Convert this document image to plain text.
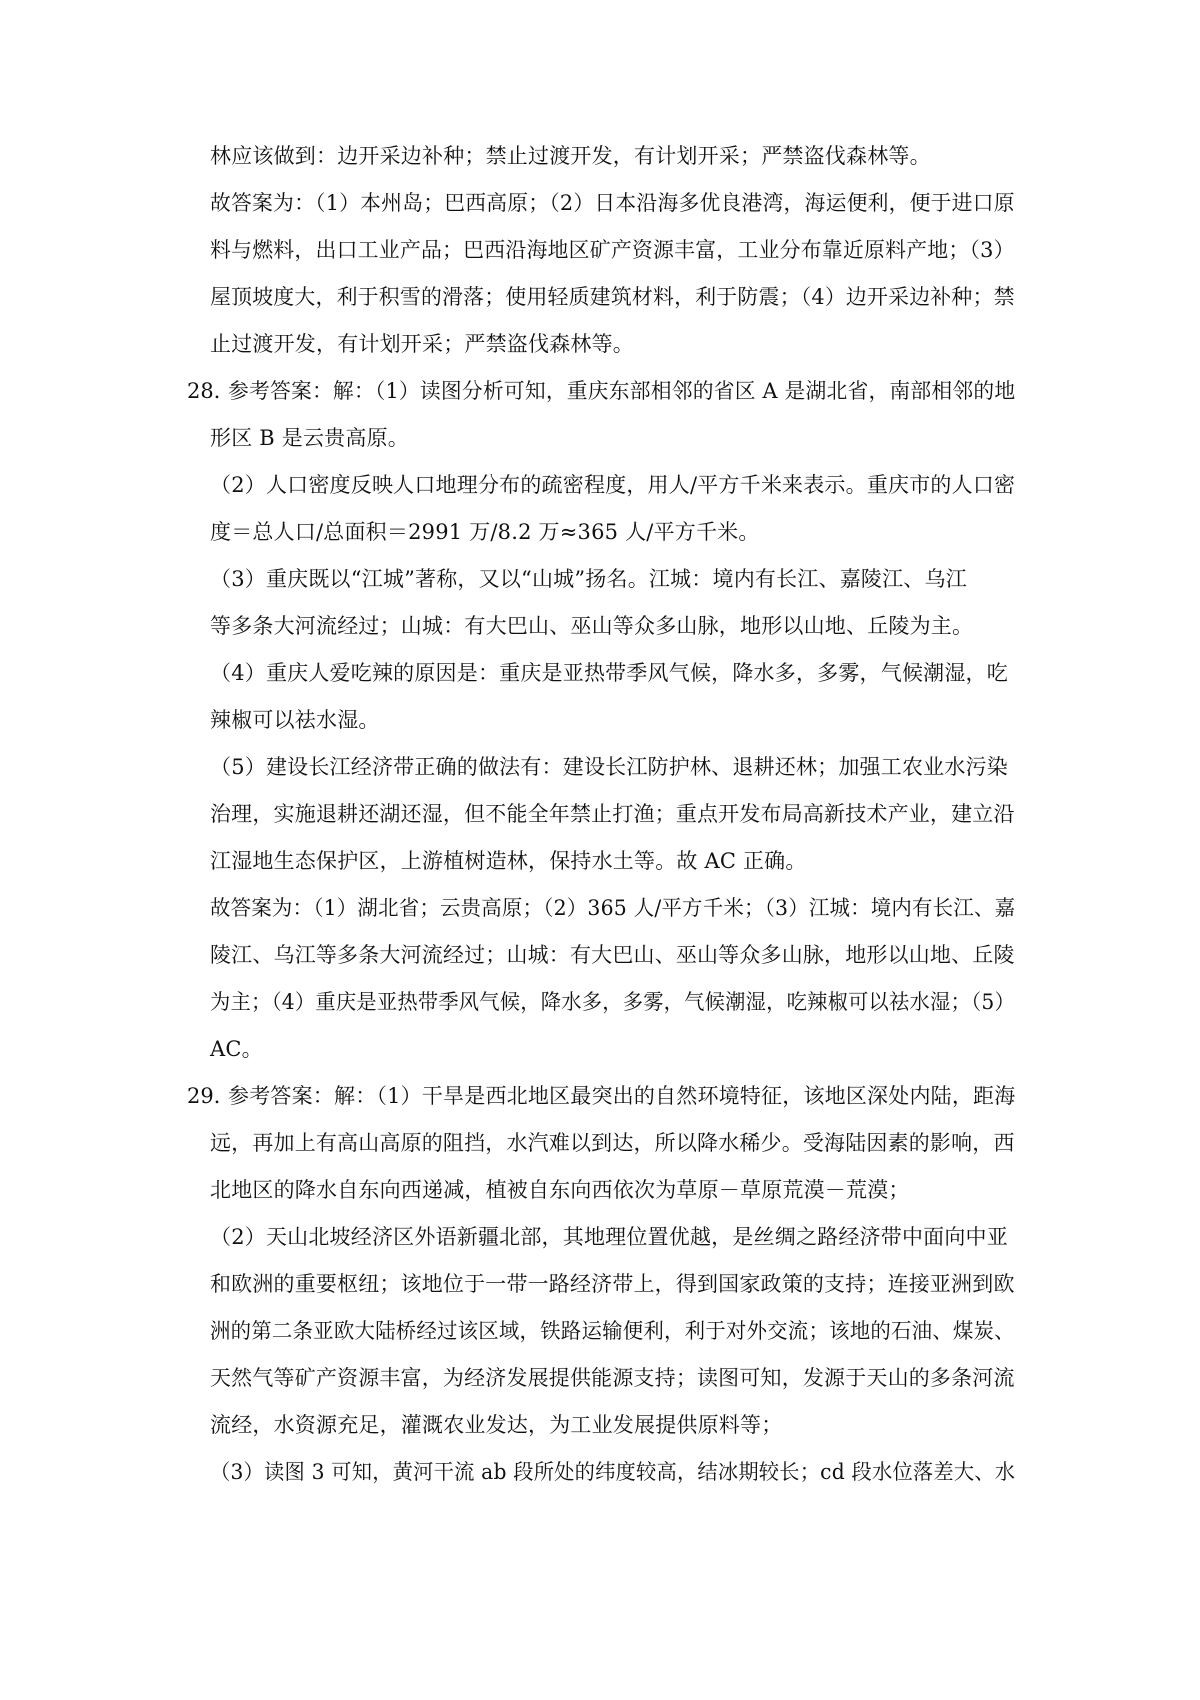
林应该做到：边开采边补种；禁止过渡开发，有计划开采；严禁盗伐森林等。
故答案为：（1）本州岛；巴西高原；（2）日本沿海多优良港湾，海运便利，便于进口原
料与燃料，出口工业产品；巴西沿海地区矿产资源丰富，工业分布靠近原料产地；（3）
屋顶坡度大，利于积雪的滑落；使用轻质建筑材料，利于防震；（4）边开采边补种；禁
止过渡开发，有计划开采；严禁盗伐森林等。
28．
参考答案：解：（1）读图分析可知，重庆东部相邻的省区 A 是湖北省，南部相邻的地
形区 B 是云贵高原。
（2）人口密度反映人口地理分布的疏密程度，用人/平方千米来表示。重庆市的人口密
度＝总人口/总面积＝2991 万/8.2 万≈365 人/平方千米。
（3）重庆既以“江城”著称，又以“山城”扬名。江城：境内有长江、嘉陵江、乌江
等多条大河流经过；山城：有大巴山、巫山等众多山脉，地形以山地、丘陵为主。
（4）重庆人爱吃辣的原因是：重庆是亚热带季风气候，降水多，多雾，气候潮湿，吃
辣椒可以祛水湿。
（5）建设长江经济带正确的做法有：建设长江防护林、退耕还林；加强工农业水污染
治理，实施退耕还湖还湿，但不能全年禁止打渔；重点开发布局高新技术产业，建立沿
江湿地生态保护区，上游植树造林，保持水土等。故 AC 正确。
故答案为：（1）湖北省；云贵高原；（2）365 人/平方千米；（3）江城：境内有长江、嘉
陵江、乌江等多条大河流经过；山城：有大巴山、巫山等众多山脉，地形以山地、丘陵
为主；（4）重庆是亚热带季风气候，降水多，多雾，气候潮湿，吃辣椒可以祛水湿；（5）
AC。
29．
参考答案：解：（1）干旱是西北地区最突出的自然环境特征，该地区深处内陆，距海
远，再加上有高山高原的阻挡，水汽难以到达，所以降水稀少。受海陆因素的影响，西
北地区的降水自东向西递减，植被自东向西依次为草原－草原荒漠－荒漠；
（2）天山北坡经济区外语新疆北部，其地理位置优越，是丝绸之路经济带中面向中亚
和欧洲的重要枢纽；该地位于一带一路经济带上，得到国家政策的支持；连接亚洲到欧
洲的第二条亚欧大陆桥经过该区域，铁路运输便利，利于对外交流；该地的石油、煤炭、
天然气等矿产资源丰富，为经济发展提供能源支持；读图可知，发源于天山的多条河流
流经，水资源充足，灌溉农业发达，为工业发展提供原料等；
（3）读图 3 可知，黄河干流 ab 段所处的纬度较高，结冰期较长；cd 段水位落差大、水
